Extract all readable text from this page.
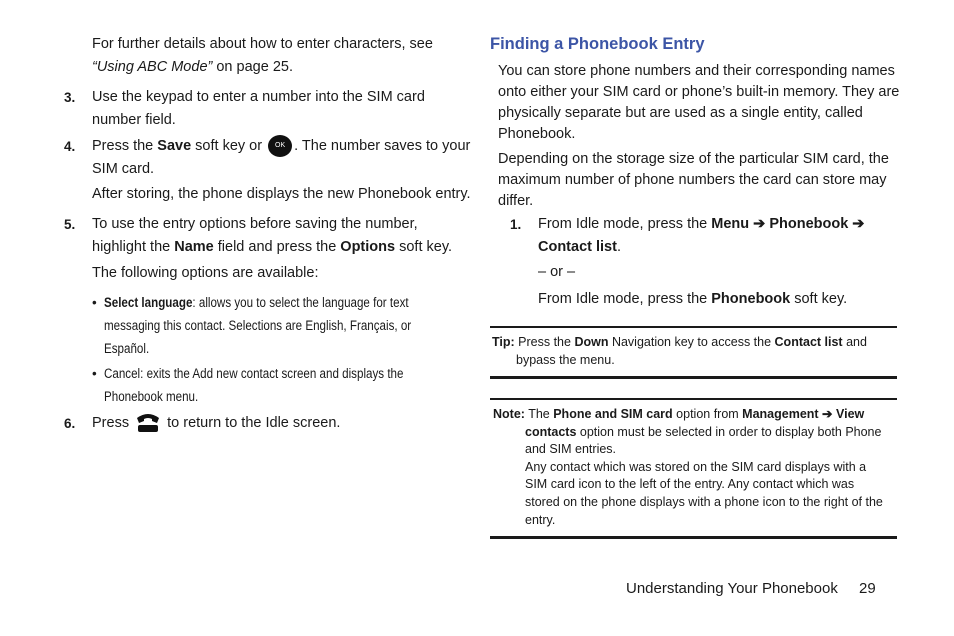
For further details about how to enter characters, see
“Using ABC Mode” on page 25.
3. Use the keypad to enter a number into the SIM card
number field.
4. Press the Save soft key or OK . The number saves to your
SIM card.
After storing, the phone displays the new Phonebook entry.
5. To use the entry options before saving the number,
highlight the Name field and press the Options soft key.
The following options are available:
• Select language: allows you to select the language for text
messaging this contact. Selections are English, Français, or
Español.
• Cancel: exits the Add new contact screen and displays the
Phonebook menu.
6. Press	to return to the Idle screen.
Finding a Phonebook Entry
You can store phone numbers and their corresponding names
onto either your SIM card or phone’s built-in memory. They are
physically separate but are used as a single entity, called
Phonebook.
Depending on the storage size of the particular SIM card, the
maximum number of phone numbers the card can store may
differ.
1. From Idle mode, press the Menu ➔ Phonebook ➔
Contact list.
– or –
From Idle mode, press the Phonebook soft key.
Tip: Press the Down Navigation key to access the Contact list and
bypass the menu.
Note: The Phone and SIM card option from Management ➔ View
contacts option must be selected in order to display both Phone
and SIM entries.
Any contact which was stored on the SIM card displays with a
SIM card icon to the left of the entry. Any contact which was
stored on the phone displays with a phone icon to the right of the
entry.
Understanding Your Phonebook 29
